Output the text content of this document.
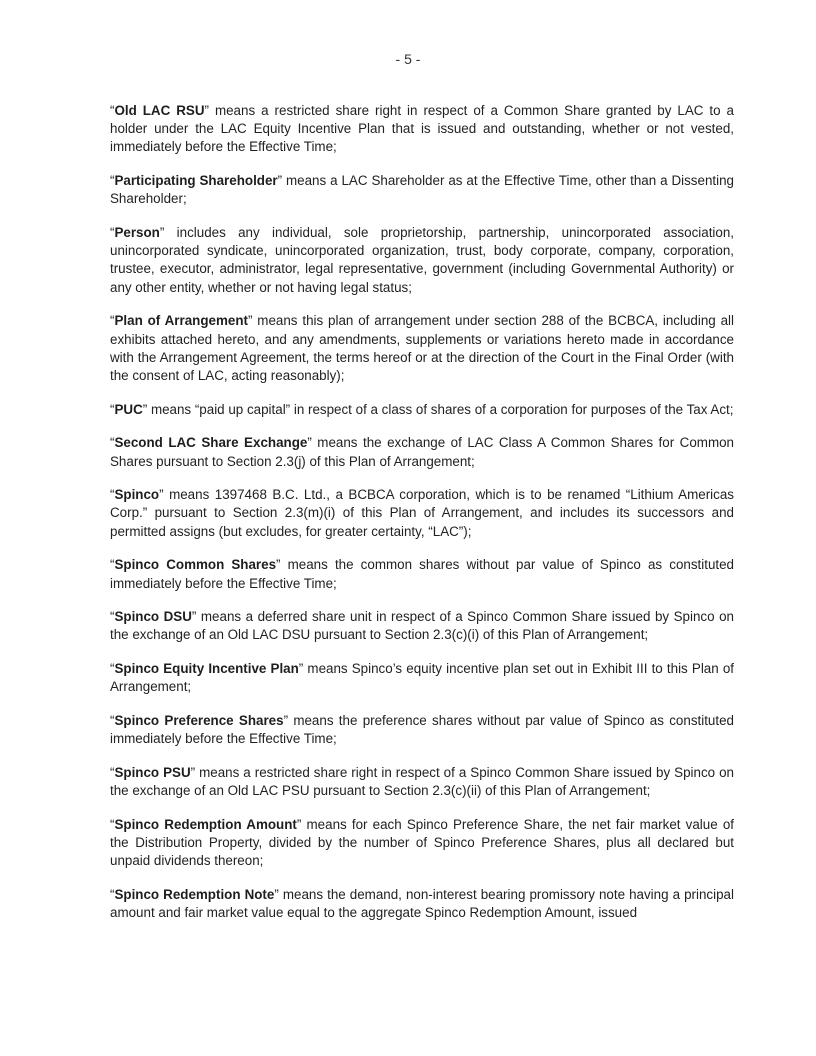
- 5 -

“Old LAC RSU” means a restricted share right in respect of a Common Share granted by LAC to a holder under the LAC Equity Incentive Plan that is issued and outstanding, whether or not vested, immediately before the Effective Time;

“Participating Shareholder” means a LAC Shareholder as at the Effective Time, other than a Dissenting Shareholder;

“Person” includes any individual, sole proprietorship, partnership, unincorporated association, unincorporated syndicate, unincorporated organization, trust, body corporate, company, corporation, trustee, executor, administrator, legal representative, government (including Governmental Authority) or any other entity, whether or not having legal status;

“Plan of Arrangement” means this plan of arrangement under section 288 of the BCBCA, including all exhibits attached hereto, and any amendments, supplements or variations hereto made in accordance with the Arrangement Agreement, the terms hereof or at the direction of the Court in the Final Order (with the consent of LAC, acting reasonably);

“PUC” means “paid up capital” in respect of a class of shares of a corporation for purposes of the Tax Act;

“Second LAC Share Exchange” means the exchange of LAC Class A Common Shares for Common Shares pursuant to Section 2.3(j) of this Plan of Arrangement;

“Spinco” means 1397468 B.C. Ltd., a BCBCA corporation, which is to be renamed “Lithium Americas Corp.” pursuant to Section 2.3(m)(i) of this Plan of Arrangement, and includes its successors and permitted assigns (but excludes, for greater certainty, “LAC”);

“Spinco Common Shares” means the common shares without par value of Spinco as constituted immediately before the Effective Time;

“Spinco DSU” means a deferred share unit in respect of a Spinco Common Share issued by Spinco on the exchange of an Old LAC DSU pursuant to Section 2.3(c)(i) of this Plan of Arrangement;

“Spinco Equity Incentive Plan” means Spinco’s equity incentive plan set out in Exhibit III to this Plan of Arrangement;

“Spinco Preference Shares” means the preference shares without par value of Spinco as constituted immediately before the Effective Time;

“Spinco PSU” means a restricted share right in respect of a Spinco Common Share issued by Spinco on the exchange of an Old LAC PSU pursuant to Section 2.3(c)(ii) of this Plan of Arrangement;

“Spinco Redemption Amount” means for each Spinco Preference Share, the net fair market value of the Distribution Property, divided by the number of Spinco Preference Shares, plus all declared but unpaid dividends thereon;

“Spinco Redemption Note” means the demand, non-interest bearing promissory note having a principal amount and fair market value equal to the aggregate Spinco Redemption Amount, issued
